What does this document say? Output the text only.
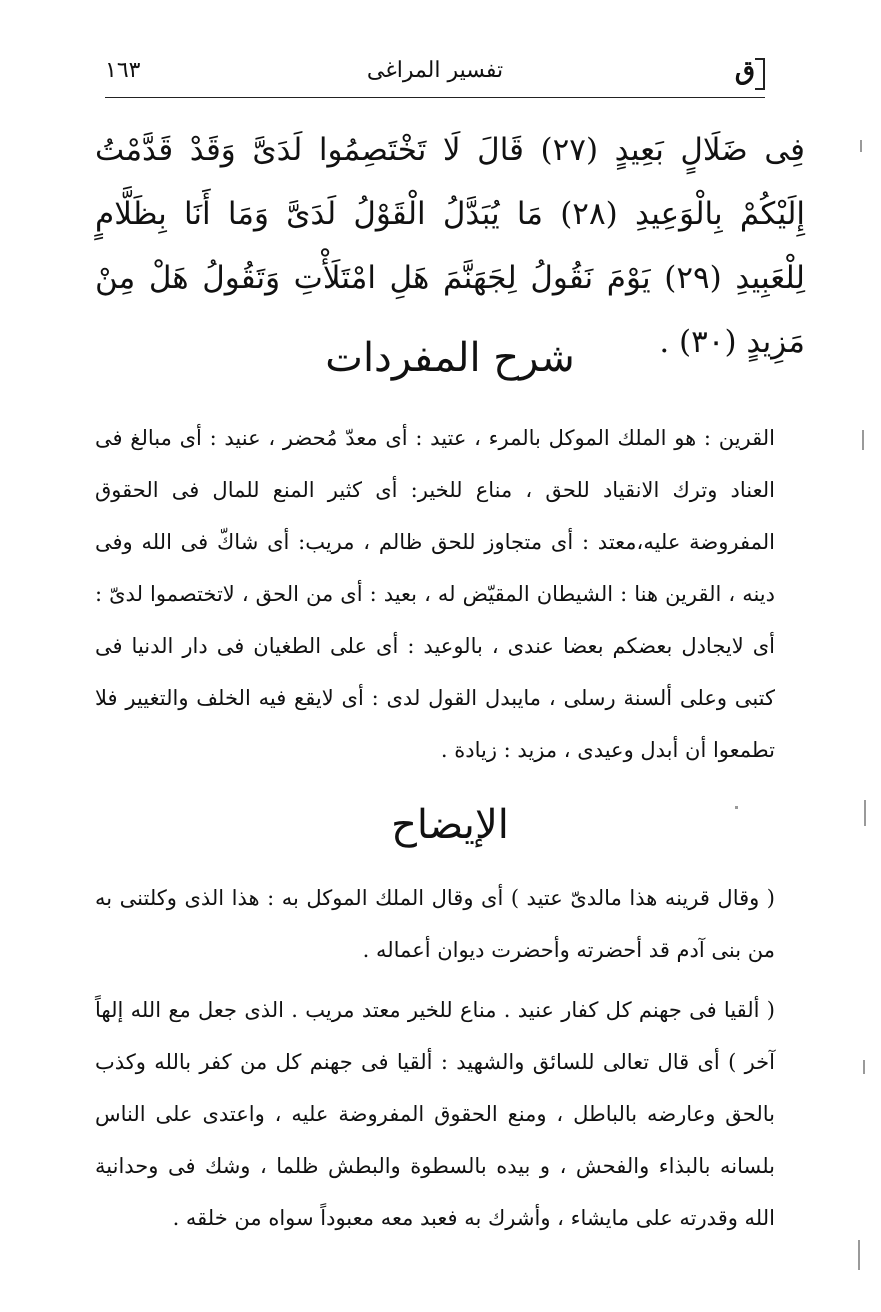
ق
تفسير المراغى
١٦٣
فِى ضَلَالٍ بَعِيدٍ (٢٧) قَالَ لَا تَخْتَصِمُوا لَدَىَّ وَقَدْ قَدَّمْتُ إِلَيْكُمْ بِالْوَعِيدِ (٢٨) مَا يُبَدَّلُ الْقَوْلُ لَدَىَّ وَمَا أَنَا بِظَلَّامٍ لِلْعَبِيدِ (٢٩) يَوْمَ نَقُولُ لِجَهَنَّمَ هَلِ امْتَلَأْتِ وَتَقُولُ هَلْ مِنْ مَزِيدٍ (٣٠) .
شرح المفردات
القرين : هو الملك الموكل بالمرء ، عتيد : أى معدّ مُحضر ، عنيد : أى مبالغ فى العناد وترك الانقياد للحق ، مناع للخير: أى كثير المنع للمال فى الحقوق المفروضة عليه،معتد : أى متجاوز للحق ظالم ، مريب: أى شاكّ فى الله وفى دينه ، القرين هنا : الشيطان المقيّض له ، بعيد : أى من الحق ، لاتختصموا لدىّ : أى لايجادل بعضكم بعضا عندى ، بالوعيد : أى على الطغيان فى دار الدنيا فى كتبى وعلى ألسنة رسلى ، مايبدل القول لدى : أى لايقع فيه الخلف والتغيير فلا تطمعوا أن أبدل وعيدى ، مزيد : زيادة .
الإيضاح
( وقال قرينه هذا مالدىّ عتيد ) أى وقال الملك الموكل به : هذا الذى وكلتنى به من بنى آدم قد أحضرته وأحضرت ديوان أعماله .
( ألقيا فى جهنم كل كفار عنيد . مناع للخير معتد مريب . الذى جعل مع الله إلهاً آخر ) أى قال تعالى للسائق والشهيد : ألقيا فى جهنم كل من كفر بالله وكذب بالحق وعارضه بالباطل ، ومنع الحقوق المفروضة عليه ، واعتدى على الناس بلسانه بالبذاء والفحش ، و بيده بالسطوة والبطش ظلما ، وشك فى وحدانية الله وقدرته على مايشاء ، وأشرك به فعبد معه معبوداً سواه من خلقه .
